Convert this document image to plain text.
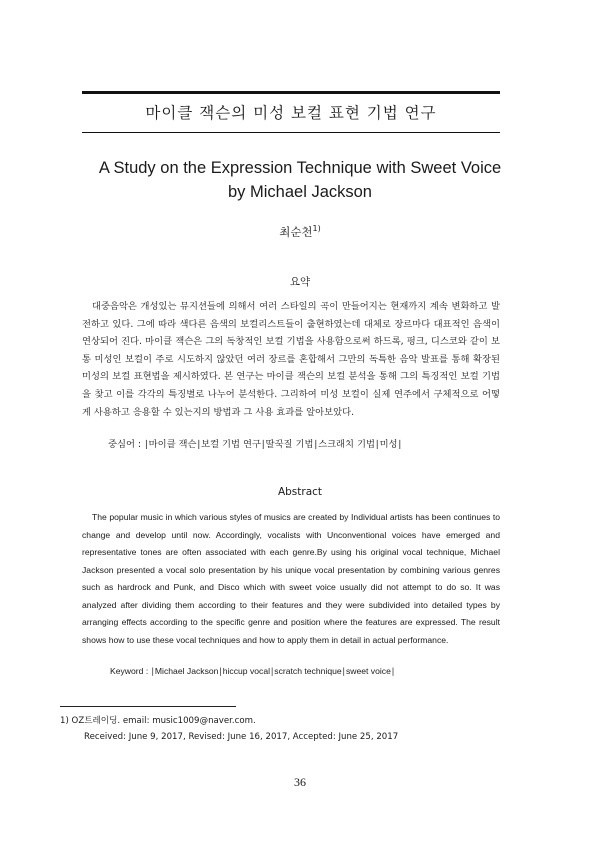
마이클 잭슨의 미성 보컬 표현 기법 연구
A Study on the Expression Technique with Sweet Voice
by Michael Jackson
최순천$^{1)}$
요약
대중음악은 개성있는 뮤지션들에 의해서 여러 스타일의 곡이 만들어지는 현재까지 계속 변화하고 발전하고 있다. 그에 따라 색다른 음색의 보컬리스트들이 출현하였는데 대체로 장르마다 대표적인 음색이 연상되어 진다. 마이클 잭슨은 그의 독창적인 보컬 기법을 사용함으로써 하드록, 펑크, 디스코와 같이 보통 미성인 보컬이 주로 시도하지 않았던 여러 장르를 혼합해서 그만의 독특한 음악 발표를 통해 확장된 미성의 보컬 표현법을 제시하였다. 본 연구는 마이클 잭슨의 보컬 분석을 통해 그의 특징적인 보컬 기법을 찾고 이를 각각의 특징별로 나누어 분석한다. 그리하여 미성 보컬이 실제 연주에서 구체적으로 어떻게 사용하고 응용할 수 있는지의 방법과 그 사용 효과를 알아보았다.
중심어 : ∣마이클 잭슨∣보컬 기법 연구∣딸꾹질 기법∣스크래치 기법∣미성∣
Abstract
The popular music in which various styles of musics are created by Individual artists has been continues to change and develop until now. Accordingly, vocalists with Unconventional voices have emerged and representative tones are often associated with each genre.By using his original vocal technique, Michael Jackson presented a vocal solo presentation by his unique vocal presentation by combining various genres such as hardrock and Punk, and Disco which with sweet voice usually did not attempt to do so. It was analyzed after dividing them according to their features and they were subdivided into detailed types by arranging effects according to the specific genre and position where the features are expressed. The result shows how to use these vocal techniques and how to apply them in detail in actual performance.
Keyword : ∣Michael Jackson∣hiccup vocal∣scratch technique∣sweet voice∣
1) OZ트레이딩. email: music1009@naver.com.
Received: June 9, 2017, Revised: June 16, 2017, Accepted: June 25, 2017
36
